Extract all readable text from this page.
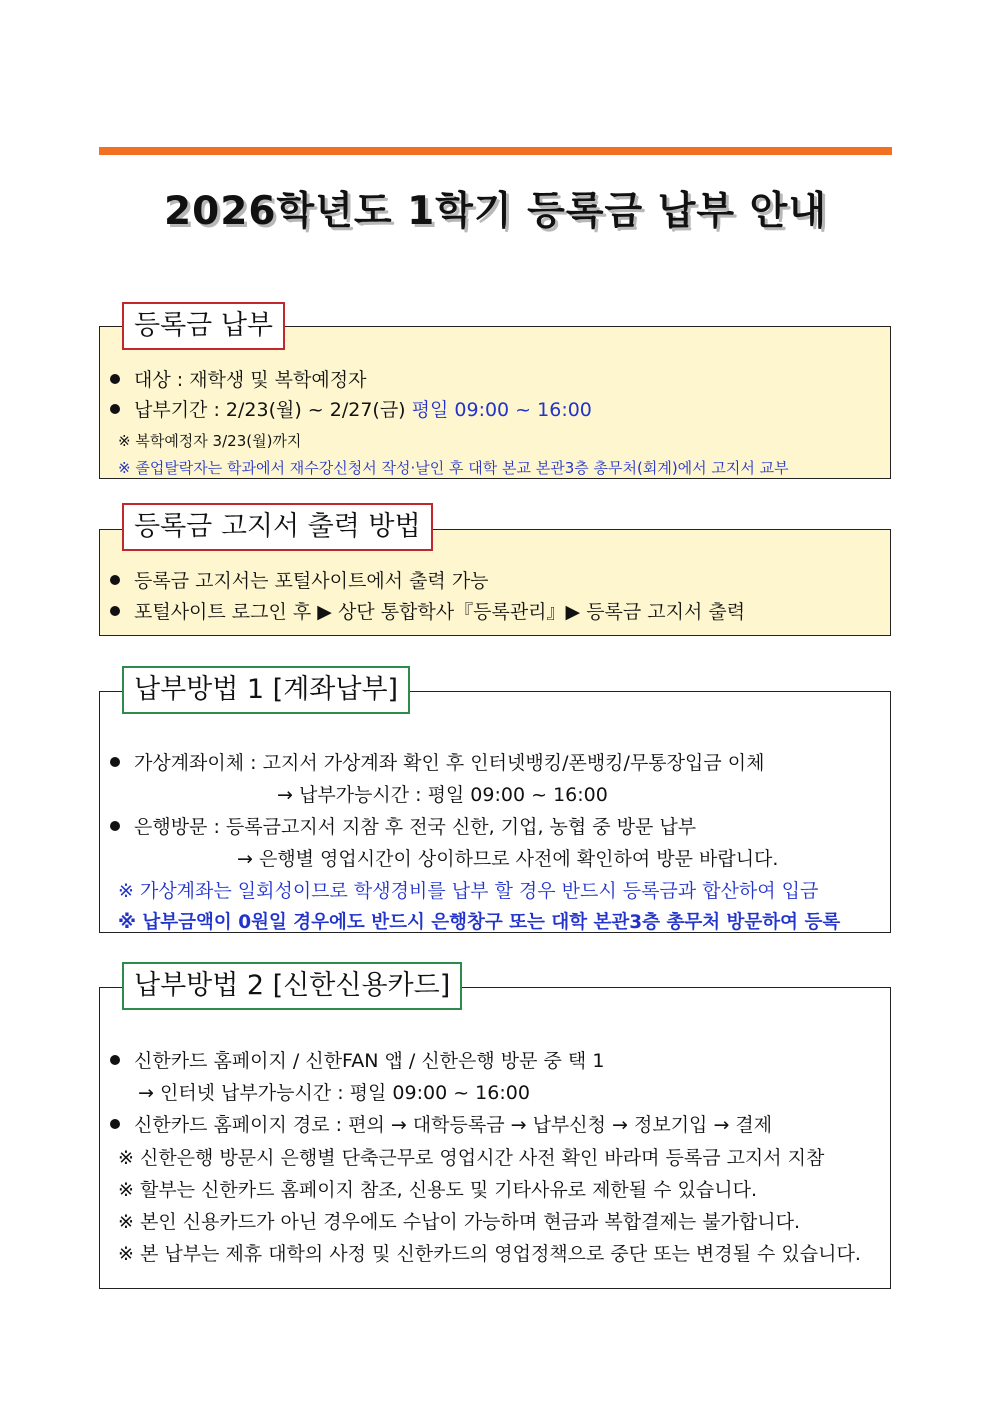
2026학년도 1학기 등록금 납부 안내
대상 : 재학생 및 복학예정자
납부기간 : 2/23(월) ~ 2/27(금) 평일 09:00 ~ 16:00
※ 복학예정자 3/23(월)까지
※ 졸업탈락자는 학과에서 재수강신청서 작성·날인 후 대학 본교 본관3층 총무처(회계)에서 고지서 교부
등록금 납부
등록금 고지서는 포털사이트에서 출력 가능
포털사이트 로그인 후 ▶ 상단 통합학사『등록관리』▶ 등록금 고지서 출력
등록금 고지서 출력 방법
가상계좌이체 : 고지서 가상계좌 확인 후 인터넷뱅킹/폰뱅킹/무통장입금 이체
→ 납부가능시간 : 평일 09:00 ~ 16:00
은행방문 : 등록금고지서 지참 후 전국 신한, 기업, 농협 중 방문 납부
→ 은행별 영업시간이 상이하므로 사전에 확인하여 방문 바랍니다.
※ 가상계좌는 일회성이므로 학생경비를 납부 할 경우 반드시 등록금과 합산하여 입금
※ 납부금액이 0원일 경우에도 반드시 은행창구 또는 대학 본관3층 총무처 방문하여 등록
납부방법 1 [계좌납부]
신한카드 홈페이지 / 신한FAN 앱 / 신한은행 방문 중 택 1
→ 인터넷 납부가능시간 : 평일 09:00 ~ 16:00
신한카드 홈페이지 경로 : 편의 → 대학등록금 → 납부신청 → 정보기입 → 결제
※ 신한은행 방문시 은행별 단축근무로 영업시간 사전 확인 바라며 등록금 고지서 지참
※ 할부는 신한카드 홈페이지 참조, 신용도 및 기타사유로 제한될 수 있습니다.
※ 본인 신용카드가 아닌 경우에도 수납이 가능하며 현금과 복합결제는 불가합니다.
※ 본 납부는 제휴 대학의 사정 및 신한카드의 영업정책으로 중단 또는 변경될 수 있습니다.
납부방법 2 [신한신용카드]
